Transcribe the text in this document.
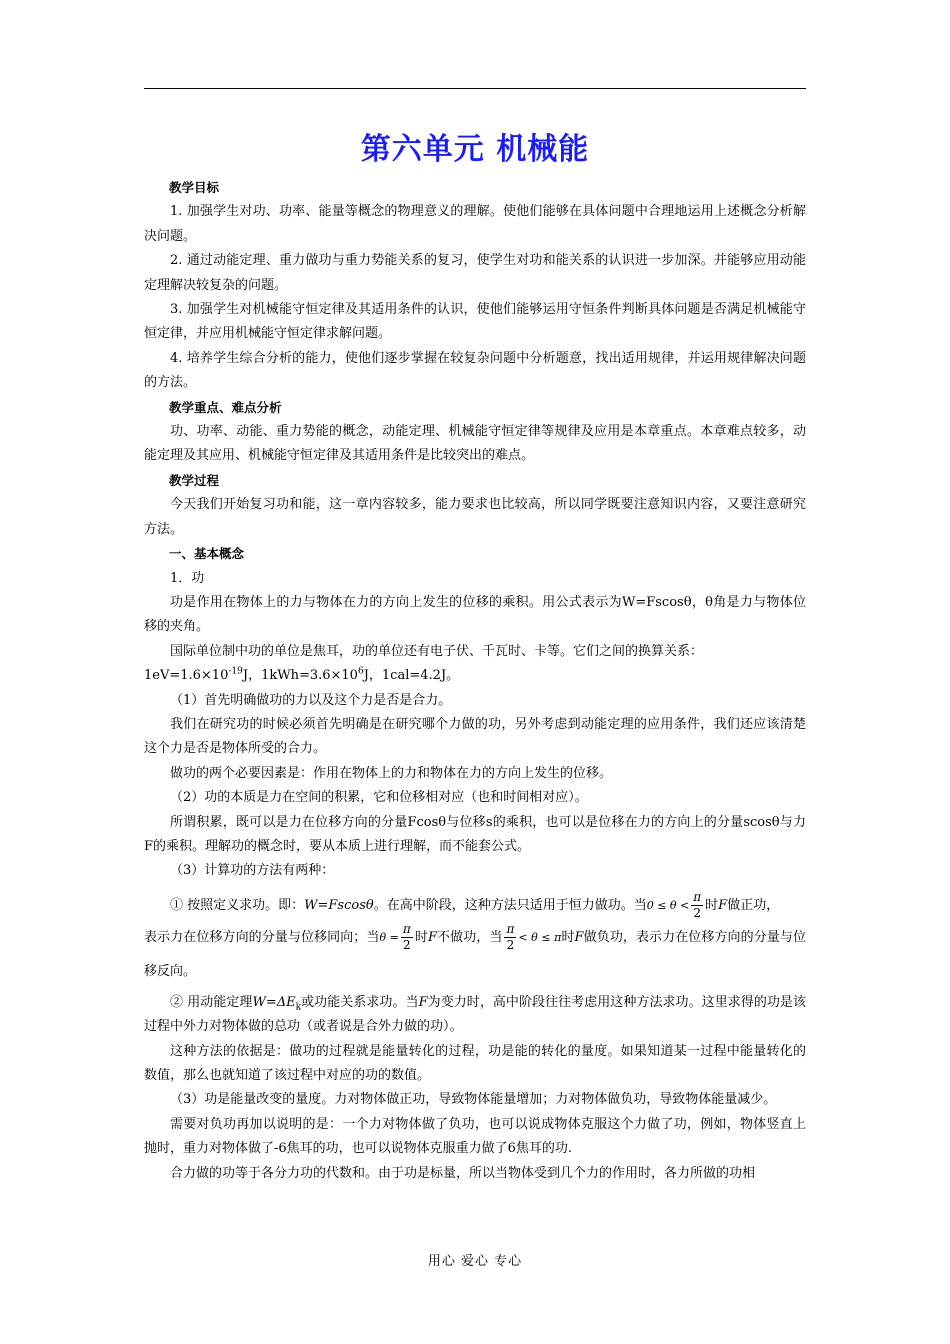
第六单元 机械能

教学目标

1. 加强学生对功、功率、能量等概念的物理意义的理解。使他们能够在具体问题中合理地运用上述概念分析解决问题。

2. 通过动能定理、重力做功与重力势能关系的复习，使学生对功和能关系的认识进一步加深。并能够应用动能定理解决较复杂的问题。

3. 加强学生对机械能守恒定律及其适用条件的认识，使他们能够运用守恒条件判断具体问题是否满足机械能守恒定律，并应用机械能守恒定律求解问题。

4. 培养学生综合分析的能力，使他们逐步掌握在较复杂问题中分析题意，找出适用规律，并运用规律解决问题的方法。

教学重点、难点分析

功、功率、动能、重力势能的概念，动能定理、机械能守恒定律等规律及应用是本章重点。本章难点较多，动能定理及其应用、机械能守恒定律及其适用条件是比较突出的难点。

教学过程

今天我们开始复习功和能，这一章内容较多，能力要求也比较高，所以同学既要注意知识内容，又要注意研究方法。

一、基本概念

1．功

功是作用在物体上的力与物体在力的方向上发生的位移的乘积。用公式表示为W=Fscosθ，θ角是力与物体位移的夹角。

国际单位制中功的单位是焦耳，功的单位还有电子伏、千瓦时、卡等。它们之间的换算关系：

$1eV=1.6\times 10^{-19}J$，$1kWh=3.6\times 10^6J$，1cal=4.2J。

（1）首先明确做功的力以及这个力是否是合力。

我们在研究功的时候必须首先明确是在研究哪个力做的功，另外考虑到动能定理的应用条件，我们还应该清楚这个力是否是物体所受的合力。

做功的两个必要因素是：作用在物体上的力和物体在力的方向上发生的位移。

（2）功的本质是力在空间的积累，它和位移相对应（也和时间相对应）。

所谓积累，既可以是力在位移方向的分量Fcosθ与位移s的乘积，也可以是位移在力的方向上的分量scosθ与力F的乘积。理解功的概念时，要从本质上进行理解，而不能套公式。

（3）计算功的方法有两种：

① 按照定义求功。即：W=Fscosθ。在高中阶段，这种方法只适用于恒力做功。当$0 \le \theta < \frac{\pi}{2}$ 时F做正功，

表示力在位移方向的分量与位移同向；当$\theta = \frac{\pi}{2}$ 时F不做功，当 $\frac{\pi}{2} < \theta \le \pi$时F做负功，表示力在位移方向的分量与位移反向。

② 用动能定理$W=\Delta E_k$或功能关系求功。当F为变力时，高中阶段往往考虑用这种方法求功。这里求得的功是该过程中外力对物体做的总功（或者说是合外力做的功）。

这种方法的依据是：做功的过程就是能量转化的过程，功是能的转化的量度。如果知道某一过程中能量转化的数值，那么也就知道了该过程中对应的功的数值。

（3）功是能量改变的量度。力对物体做正功，导致物体能量增加；力对物体做负功，导致物体能量减少。

需要对负功再加以说明的是：一个力对物体做了负功，也可以说成物体克服这个力做了功，例如，物体竖直上抛时，重力对物体做了-6焦耳的功，也可以说物体克服重力做了6焦耳的功.

合力做的功等于各分力功的代数和。由于功是标量，所以当物体受到几个力的作用时，各力所做的功相

用心 爱心 专心
